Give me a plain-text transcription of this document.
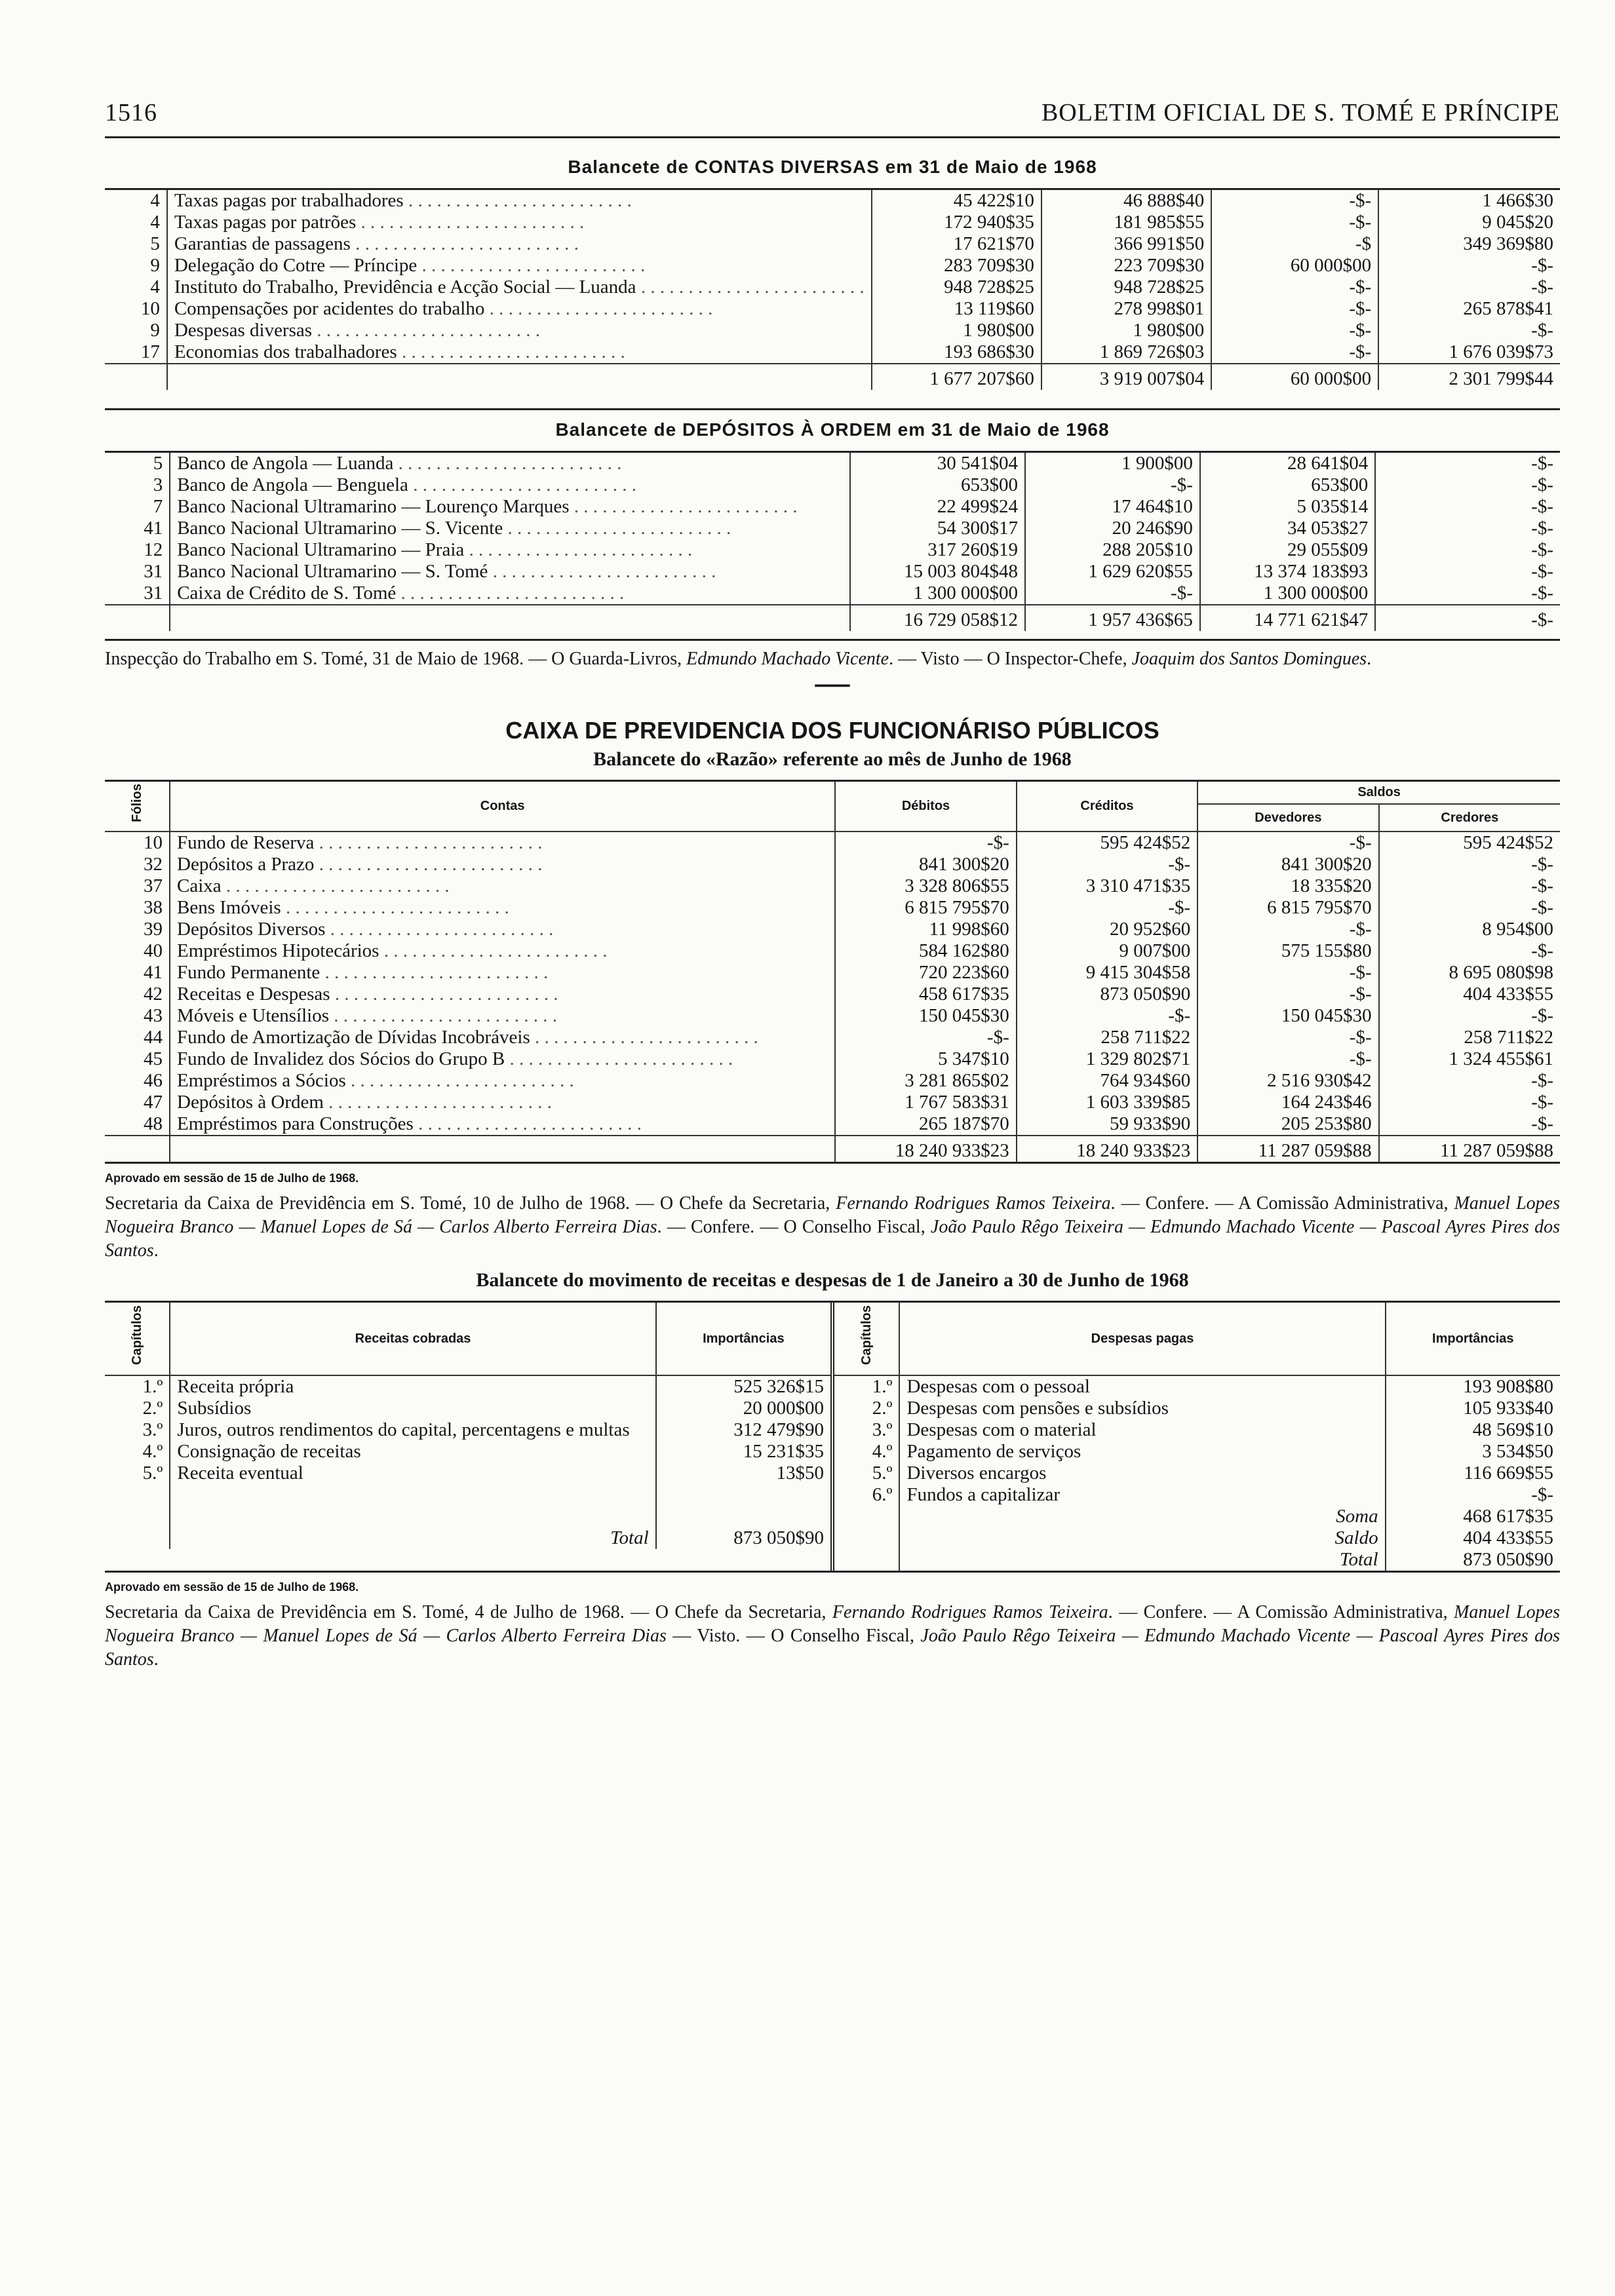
1516	BOLETIM OFICIAL DE S. TOMÉ E PRÍNCIPE
Balancete de CONTAS DIVERSAS em 31 de Maio de 1968
4	Taxas pagas por trabalhadores . . .	45 422$10	46 888$40	-$-	1 466$30
4	Taxas pagas por patrões . . .	172 940$35	181 985$55	-$-	9 045$20
5	Garantias de passagens . . .	17 621$70	366 991$50	-$	349 369$80
9	Delegação do Cotre — Príncipe . . .	283 709$30	223 709$30	60 000$00	-$-
4	Instituto do Trabalho, Previdência e Acção Social — Luanda . . .	948 728$25	948 728$25	-$-	-$-
10	Compensações por acidentes do trabalho . . .	13 119$60	278 998$01	-$-	265 878$41
9	Despesas diversas . . .	1 980$00	1 980$00	-$-	-$-
17	Economias dos trabalhadores . . .	193 686$30	1 869 726$03	-$-	1 676 039$73
		1 677 207$60	3 919 007$04	60 000$00	2 301 799$44
Balancete de DEPÓSITOS À ORDEM em 31 de Maio de 1968
5	Banco de Angola — Luanda . . .	30 541$04	1 900$00	28 641$04	-$-
3	Banco de Angola — Benguela . . .	653$00	-$-	653$00	-$-
7	Banco Nacional Ultramarino — Lourenço Marques . . .	22 499$24	17 464$10	5 035$14	-$-
41	Banco Nacional Ultramarino — S. Vicente . . .	54 300$17	20 246$90	34 053$27	-$-
12	Banco Nacional Ultramarino — Praia . . .	317 260$19	288 205$10	29 055$09	-$-
31	Banco Nacional Ultramarino — S. Tomé . . .	15 003 804$48	1 629 620$55	13 374 183$93	-$-
31	Caixa de Crédito de S. Tomé . . .	1 300 000$00	-$-	1 300 000$00	-$-
		16 729 058$12	1 957 436$65	14 771 621$47	-$-
Inspecção do Trabalho em S. Tomé, 31 de Maio de 1968. — O Guarda-Livros, Edmundo Machado Vicente. — Visto — O Inspector-Chefe, Joaquim dos Santos Domingues.
━━━━
CAIXA DE PREVIDENCIA DOS FUNCIONÁRISO PÚBLICOS
Balancete do «Razão» referente ao mês de Junho de 1968
Fólios	Contas	Débitos	Créditos	Saldos	
				Devedores	Credores
10	Fundo de Reserva . . .	-$-	595 424$52	-$-	595 424$52
32	Depósitos a Prazo . . .	841 300$20	-$-	841 300$20	-$-
37	Caixa . . .	3 328 806$55	3 310 471$35	18 335$20	-$-
38	Bens Imóveis . . .	6 815 795$70	-$-	6 815 795$70	-$-
39	Depósitos Diversos . . .	11 998$60	20 952$60	-$-	8 954$00
40	Empréstimos Hipotecários . . .	584 162$80	9 007$00	575 155$80	-$-
41	Fundo Permanente . . .	720 223$60	9 415 304$58	-$-	8 695 080$98
42	Receitas e Despesas . . .	458 617$35	873 050$90	-$-	404 433$55
43	Móveis e Utensílios . . .	150 045$30	-$-	150 045$30	-$-
44	Fundo de Amortização de Dívidas Incobráveis . . .	-$-	258 711$22	-$-	258 711$22
45	Fundo de Invalidez dos Sócios do Grupo B . . .	5 347$10	1 329 802$71	-$-	1 324 455$61
46	Empréstimos a Sócios . . .	3 281 865$02	764 934$60	2 516 930$42	-$-
47	Depósitos à Ordem . . .	1 767 583$31	1 603 339$85	164 243$46	-$-
48	Empréstimos para Construções . . .	265 187$70	59 933$90	205 253$80	-$-
		18 240 933$23	18 240 933$23	11 287 059$88	11 287 059$88
Aprovado em sessão de 15 de Julho de 1968.
Secretaria da Caixa de Previdência em S. Tomé, 10 de Julho de 1968. — O Chefe da Secretaria, Fernando Rodrigues Ramos Teixeira. — Confere. — A Comissão Administrativa, Manuel Lopes Nogueira Branco — Manuel Lopes de Sá — Carlos Alberto Ferreira Dias. — Confere. — O Conselho Fiscal, João Paulo Rêgo Teixeira — Edmundo Machado Vicente — Pascoal Ayres Pires dos Santos.
Balancete do movimento de receitas e despesas de 1 de Janeiro a 30 de Junho de 1968
Capítulos	Receitas cobradas	Importâncias
1.º	Receita própria	525 326$15
2.º	Subsídios	20 000$00
3.º	Juros, outros rendimentos do capital, percentagens e multas	312 479$90
4.º	Consignação de receitas	15 231$35
5.º	Receita eventual	13$50

	Total	873 050$90
Capítulos	Despesas pagas	Importâncias
1.º	Despesas com o pessoal	193 908$80
2.º	Despesas com pensões e subsídios	105 933$40
3.º	Despesas com o material	48 569$10
4.º	Pagamento de serviços	3 534$50
5.º	Diversos encargos	116 669$55
6.º	Fundos a capitalizar	-$-
	Soma	468 617$35
	Saldo	404 433$55
	Total	873 050$90
Aprovado em sessão de 15 de Julho de 1968.
Secretaria da Caixa de Previdência em S. Tomé, 4 de Julho de 1968. — O Chefe da Secretaria, Fernando Rodrigues Ramos Teixeira. — Confere. — A Comissão Administrativa, Manuel Lopes Nogueira Branco — Manuel Lopes de Sá — Carlos Alberto Ferreira Dias — Visto. — O Conselho Fiscal, João Paulo Rêgo Teixeira — Edmundo Machado Vicente — Pascoal Ayres Pires dos Santos.
